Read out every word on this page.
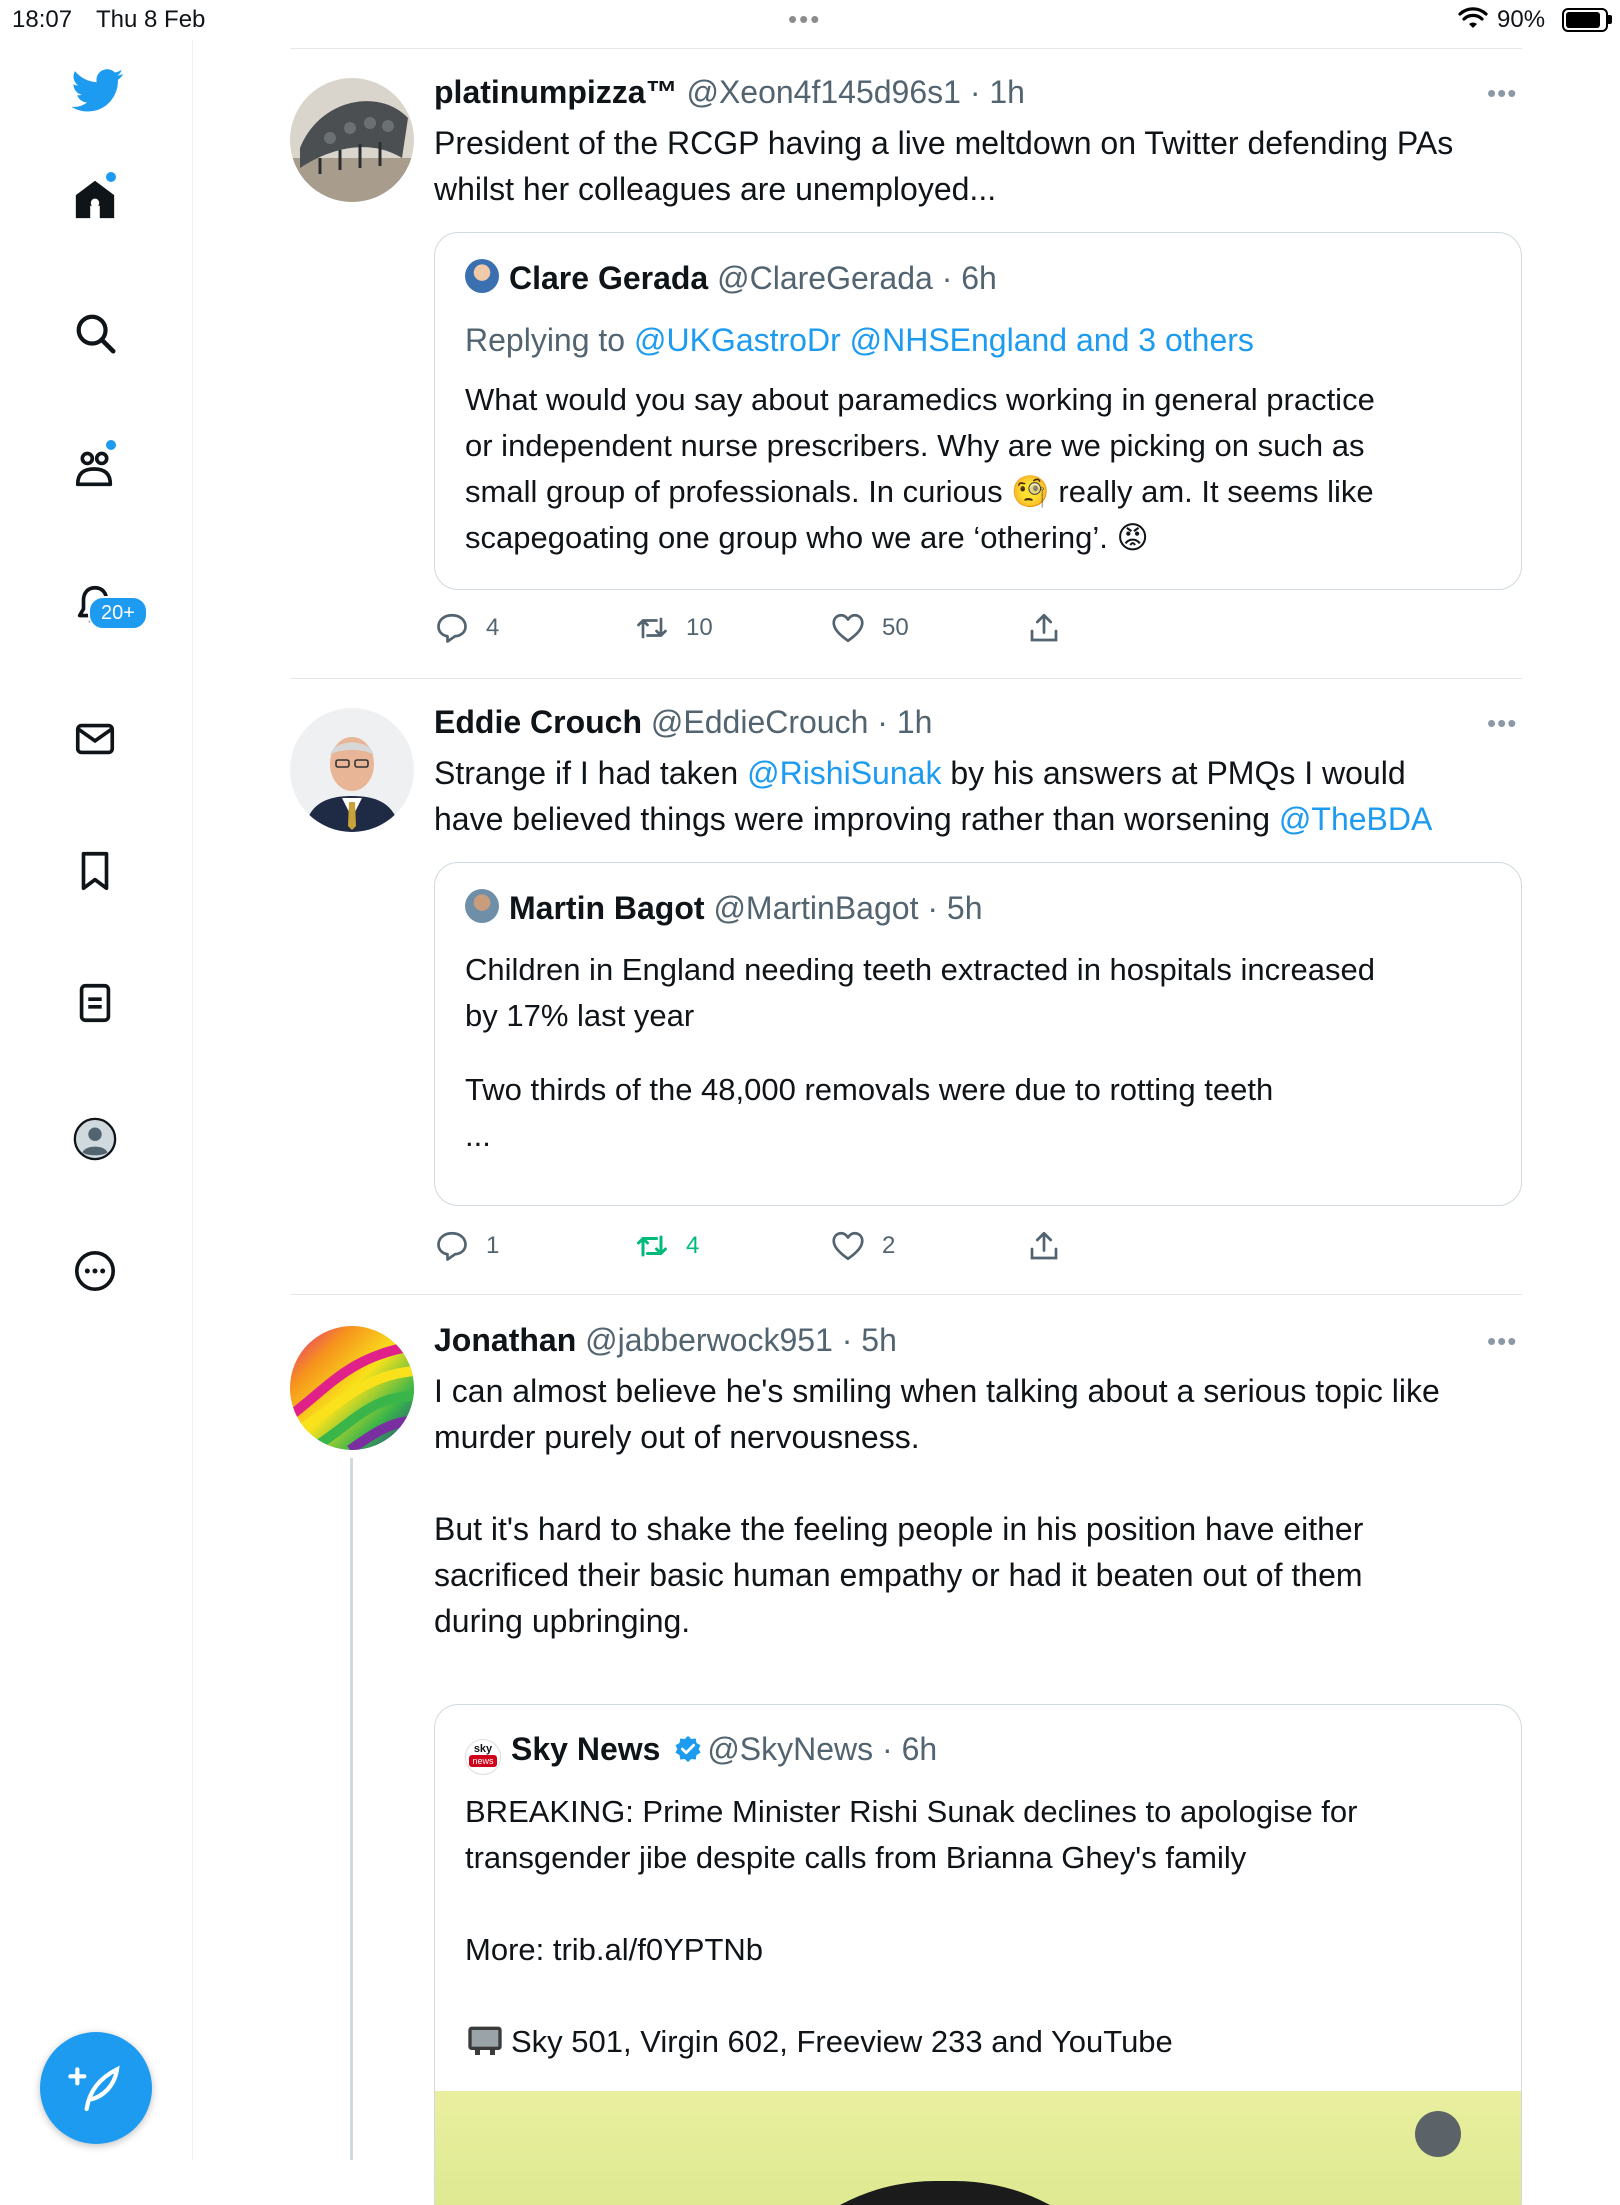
18:07 Thu 8 Feb	•••	90%
20+
platinumpizza™ @Xeon4f145d96s1 · 1h	•••
President of the RCGP having a live meltdown on Twitter defending PAs
whilst her colleagues are unemployed...
Clare Gerada @ClareGerada · 6h
Replying to @UKGastroDr @NHSEngland and 3 others
What would you say about paramedics working in general practice
or independent nurse prescribers. Why are we picking on such as
small group of professionals. In curious 🧐 really am. It seems like
scapegoating one group who we are ‘othering’. 😡
4	10	50
Eddie Crouch @EddieCrouch · 1h	•••
Strange if I had taken @RishiSunak by his answers at PMQs I would
have believed things were improving rather than worsening @TheBDA
Martin Bagot @MartinBagot · 5h
Children in England needing teeth extracted in hospitals increased
by 17% last year
Two thirds of the 48,000 removals were due to rotting teeth
...
1	4	2
Jonathan @jabberwock951 · 5h	•••
I can almost believe he's smiling when talking about a serious topic like
murder purely out of nervousness.
But it's hard to shake the feeling people in his position have either
sacrificed their basic human empathy or had it beaten out of them
during upbringing.
sky
news Sky News @SkyNews · 6h
BREAKING: Prime Minister Rishi Sunak declines to apologise for
transgender jibe despite calls from Brianna Ghey's family
More: trib.al/f0YPTNb
Sky 501, Virgin 602, Freeview 233 and YouTube
